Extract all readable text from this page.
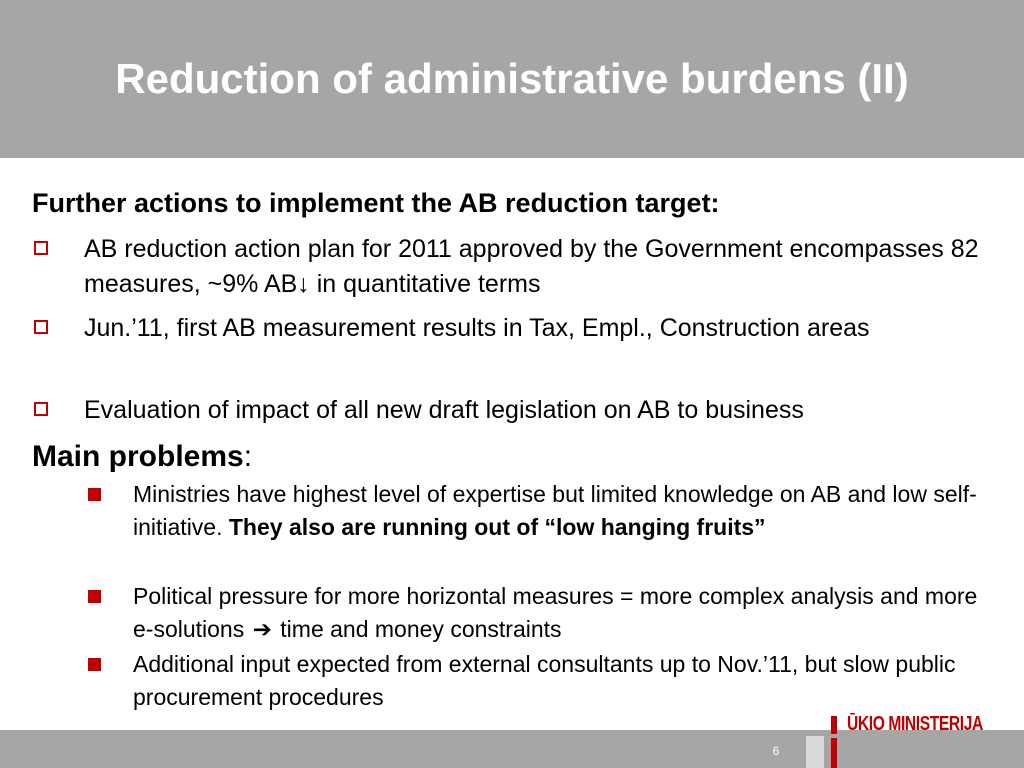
Reduction of administrative burdens (II)
Further actions to implement the AB reduction target:
AB reduction action plan for 2011 approved by the Government encompasses 82 measures, ~9% AB↓ in quantitative terms
Jun.’11, first AB measurement results in Tax, Empl., Construction areas
Evaluation of impact of all new draft legislation on AB to business
Main problems:
Ministries have highest level of expertise but limited knowledge on AB and low self-initiative. They also are running out of “low hanging fruits”
Political pressure for more horizontal measures = more complex analysis and more e-solutions ➔ time and money constraints
Additional input expected from external consultants up to Nov.’11, but slow public procurement procedures
6
ŪKIO MINISTERIJA
